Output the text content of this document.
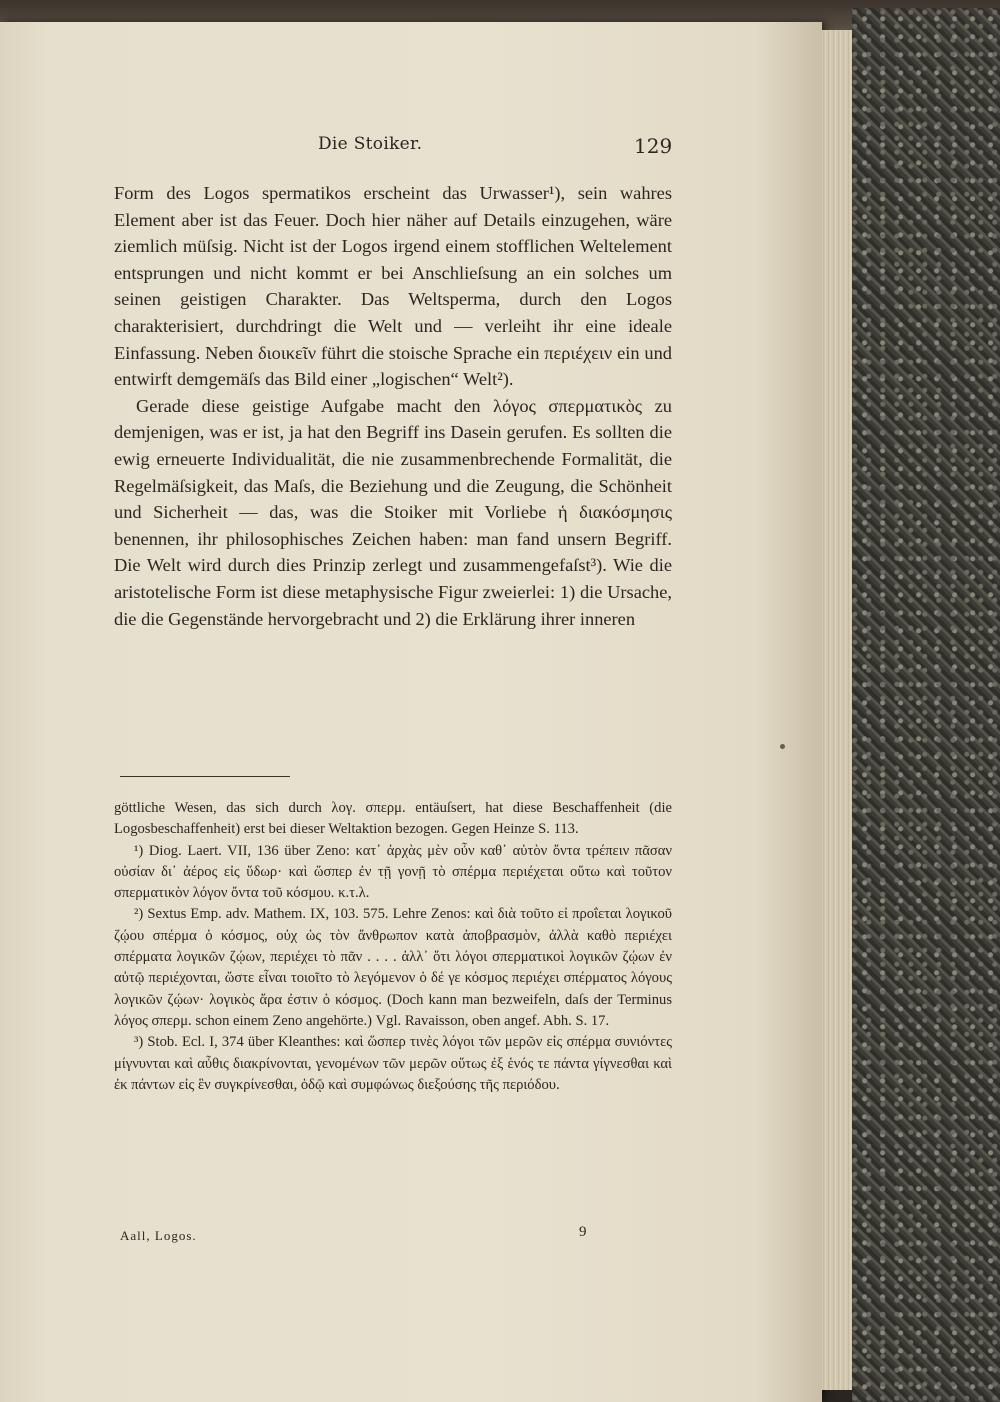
Die Stoiker.	129

Form des Logos spermatikos erscheint das Urwasser¹), sein wahres Element aber ist das Feuer. Doch hier näher auf Details einzugehen, wäre ziemlich müſsig. Nicht ist der Logos irgend einem stofflichen Weltelement entsprungen und nicht kommt er bei Anschlieſsung an ein solches um seinen geistigen Charakter. Das Weltsperma, durch den Logos charakterisiert, durchdringt die Welt und — verleiht ihr eine ideale Einfassung. Neben διοικεῖν führt die stoische Sprache ein περιέχειν ein und entwirft demgemäſs das Bild einer „logischen“ Welt²).

Gerade diese geistige Aufgabe macht den λόγος σπερματικὸς zu demjenigen, was er ist, ja hat den Begriff ins Dasein gerufen. Es sollten die ewig erneuerte Individualität, die nie zusammenbrechende Formalität, die Regelmäſsigkeit, das Maſs, die Beziehung und die Zeugung, die Schönheit und Sicherheit — das, was die Stoiker mit Vorliebe ἡ διακόσμησις benennen, ihr philosophisches Zeichen haben: man fand unsern Begriff. Die Welt wird durch dies Prinzip zerlegt und zusammengefaſst³). Wie die aristotelische Form ist diese metaphysische Figur zweierlei: 1) die Ursache, die die Gegenstände hervorgebracht und 2) die Erklärung ihrer inneren

göttliche Wesen, das sich durch λογ. σπερμ. entäuſsert, hat diese Beschaffenheit (die Logosbeschaffenheit) erst bei dieser Weltaktion bezogen. Gegen Heinze S. 113.

¹) Diog. Laert. VII, 136 über Zeno: κατ᾽ ἀρχὰς μὲν οὖν καθ᾽ αὑτὸν ὄντα τρέπειν πᾶσαν οὐσίαν δι᾽ ἀέρος εἰς ὕδωρ· καὶ ὥσπερ ἐν τῇ γονῇ τὸ σπέρμα περιέχεται οὕτω καὶ τοῦτον σπερματικὸν λόγον ὄντα τοῦ κόσμου. κ.τ.λ.

²) Sextus Emp. adv. Mathem. IX, 103. 575. Lehre Zenos: καὶ διὰ τοῦτο εἰ προΐεται λογικοῦ ζῴου σπέρμα ὁ κόσμος, οὐχ ὡς τὸν ἄνθρωπον κατὰ ἀποβρασμὸν, ἀλλὰ καθὸ περιέχει σπέρματα λογικῶν ζῴων, περιέχει τὸ πᾶν . . . . ἀλλ᾽ ὅτι λόγοι σπερματικοὶ λογικῶν ζῴων ἐν αὐτῷ περιέχονται, ὥστε εἶναι τοιοῖτο τὸ λεγόμενον ὁ δέ γε κόσμος περιέχει σπέρματος λόγους λογικῶν ζῴων· λογικὸς ἄρα ἐστιν ὁ κόσμος. (Doch kann man bezweifeln, daſs der Terminus λόγος σπερμ. schon einem Zeno angehörte.) Vgl. Ravaisson, oben angef. Abh. S. 17.

³) Stob. Ecl. I, 374 über Kleanthes: καὶ ὥσπερ τινὲς λόγοι τῶν μερῶν εἰς σπέρμα συνιόντες μίγνυνται καὶ αὖθις διακρίνονται, γενομένων τῶν μερῶν οὕτως ἐξ ἑνός τε πάντα γίγνεσθαι καὶ ἐκ πάντων εἰς ἓν συγκρίνεσθαι, ὁδῷ καὶ συμφώνως διεξούσης τῆς περιόδου.

Aall, Logos.	9
